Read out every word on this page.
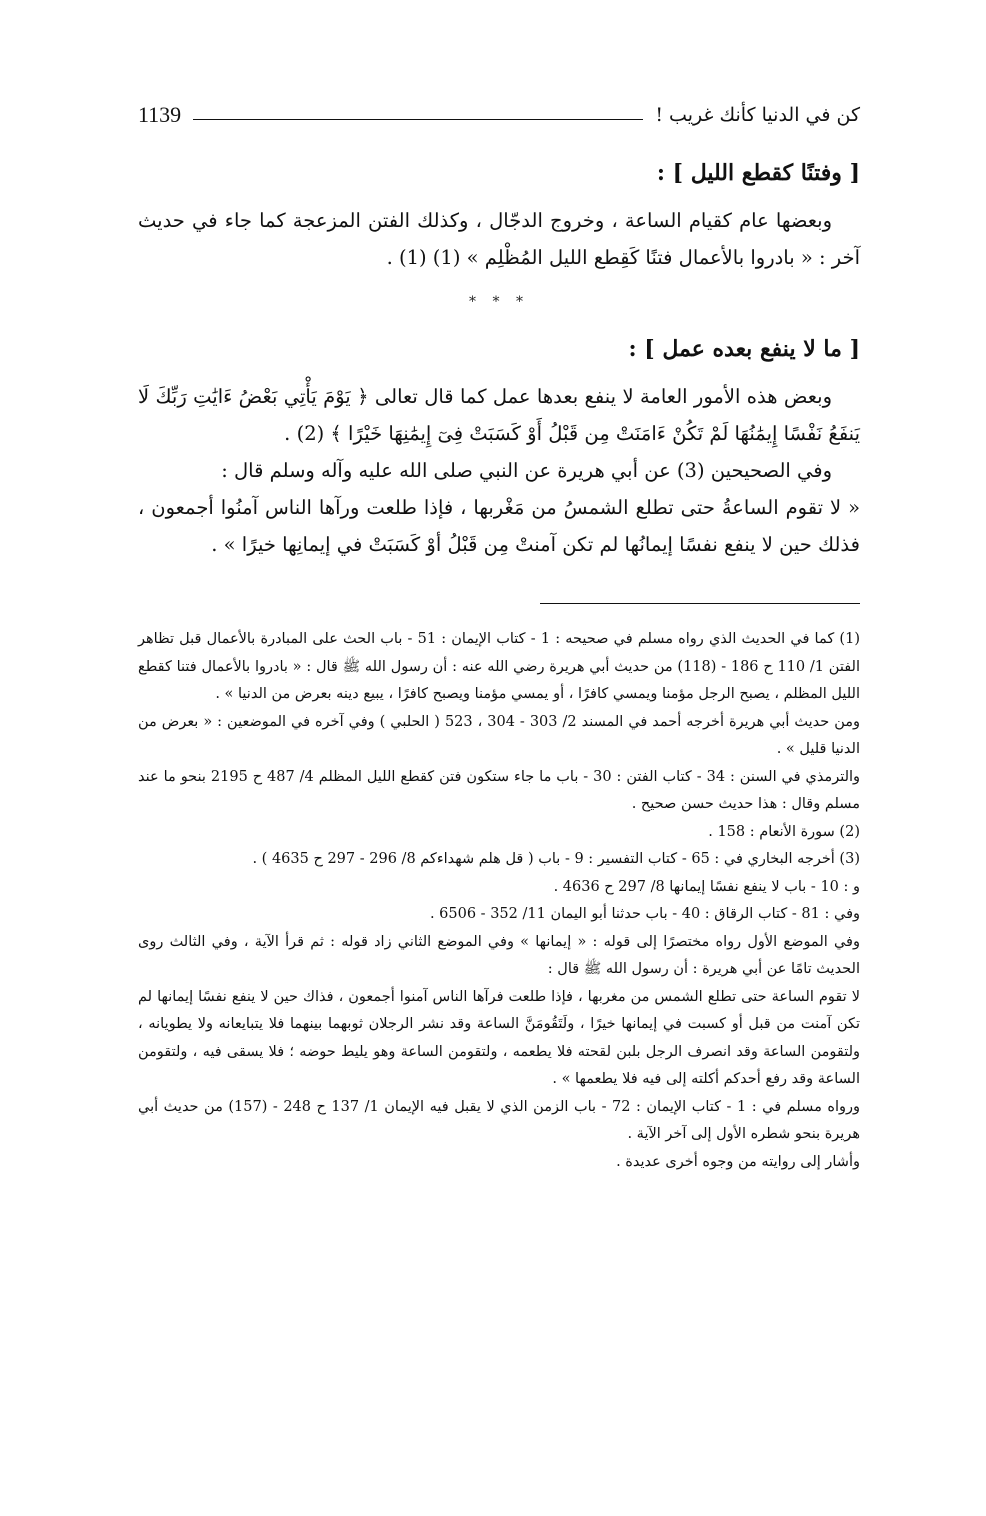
كن في الدنيا كأنك غريب !
1139
[ وفتنًا كقطع الليل ] :

وبعضها عام كقيام الساعة ، وخروج الدجّال ، وكذلك الفتن المزعجة كما جاء في حديث آخر : « بادروا بالأعمال فتنًا كَقِطع الليل المُظْلِم » (1) (1) .

* * *
[ ما لا ينفع بعده عمل ] :

وبعض هذه الأمور العامة لا ينفع بعدها عمل كما قال تعالى ﴿ يَوْمَ يَأْتِي بَعْضُ ءَايَٰتِ رَبِّكَ لَا يَنفَعُ نَفْسًا إِيمَٰنُهَا لَمْ تَكُنْ ءَامَنَتْ مِن قَبْلُ أَوْ كَسَبَتْ فِىٓ إِيمَٰنِهَا خَيْرًا ﴾ (2) .

وفي الصحيحين (3) عن أبي هريرة عن النبي صلى الله عليه وآله وسلم قال :

« لا تقوم الساعةُ حتى تطلع الشمسُ من مَغْربها ، فإذا طلعت ورآها الناس آمنُوا أجمعون ، فذلك حين لا ينفع نفسًا إيمانُها لم تكن آمنتْ مِن قَبْلُ أوْ كَسَبَتْ في إيمانِها خيرًا » .

(1) كما في الحديث الذي رواه مسلم في صحيحه : 1 - كتاب الإيمان : 51 - باب الحث على المبادرة بالأعمال قبل تظاهر الفتن 1/ 110 ح 186 - (118) من حديث أبي هريرة رضي الله عنه : أن رسول الله ﷺ قال : « بادروا بالأعمال فتنا كقطع الليل المظلم ، يصبح الرجل مؤمنا ويمسي كافرًا ، أو يمسي مؤمنا ويصبح كافرًا ، يبيع دينه بعرض من الدنيا » .

ومن حديث أبي هريرة أخرجه أحمد في المسند 2/ 303 - 304 ، 523 ( الحلبي ) وفي آخره في الموضعين : « بعرض من الدنيا قليل » .

والترمذي في السنن : 34 - كتاب الفتن : 30 - باب ما جاء ستكون فتن كقطع الليل المظلم 4/ 487 ح 2195 بنحو ما عند مسلم وقال : هذا حديث حسن صحيح .

(2) سورة الأنعام : 158 .

(3) أخرجه البخاري في : 65 - كتاب التفسير : 9 - باب ( قل هلم شهداءكم 8/ 296 - 297 ح 4635 ) .

و : 10 - باب لا ينفع نفسًا إيمانها 8/ 297 ح 4636 .

وفي : 81 - كتاب الرقاق : 40 - باب حدثنا أبو اليمان 11/ 352 - 6506 .

وفي الموضع الأول رواه مختصرًا إلى قوله : « إيمانها » وفي الموضع الثاني زاد قوله : ثم قرأ الآية ، وفي الثالث روى الحديث تامًا عن أبي هريرة : أن رسول الله ﷺ قال :

لا تقوم الساعة حتى تطلع الشمس من مغربها ، فإذا طلعت فرآها الناس آمنوا أجمعون ، فذاك حين لا ينفع نفسًا إيمانها لم تكن آمنت من قبل أو كسبت في إيمانها خيرًا ، ولَتَقُومَنَّ الساعة وقد نشر الرجلان ثوبهما بينهما فلا يتبايعانه ولا يطويانه ، ولتقومن الساعة وقد انصرف الرجل بلبن لقحته فلا يطعمه ، ولتقومن الساعة وهو يليط حوضه ؛ فلا يسقى فيه ، ولتقومن الساعة وقد رفع أحدكم أكلته إلى فيه فلا يطعمها » .

ورواه مسلم في : 1 - كتاب الإيمان : 72 - باب الزمن الذي لا يقبل فيه الإيمان 1/ 137 ح 248 - (157) من حديث أبي هريرة بنحو شطره الأول إلى آخر الآية .

وأشار إلى روايته من وجوه أخرى عديدة .
